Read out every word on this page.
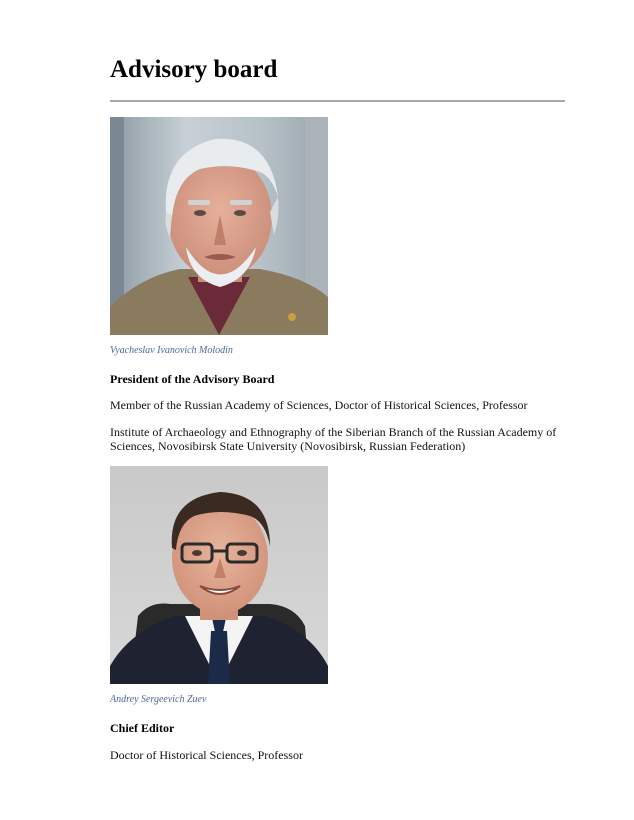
Advisory board
Vyacheslav Ivanovich Molodin
President of the Advisory Board
Member of the Russian Academy of Sciences, Doctor of Historical Sciences, Professor
Institute of Archaeology and Ethnography of the Siberian Branch of the Russian Academy of Sciences, Novosibirsk State University (Novosibirsk, Russian Federation)
Andrey Sergeevich Zuev
Chief Editor
Doctor of Historical Sciences, Professor
